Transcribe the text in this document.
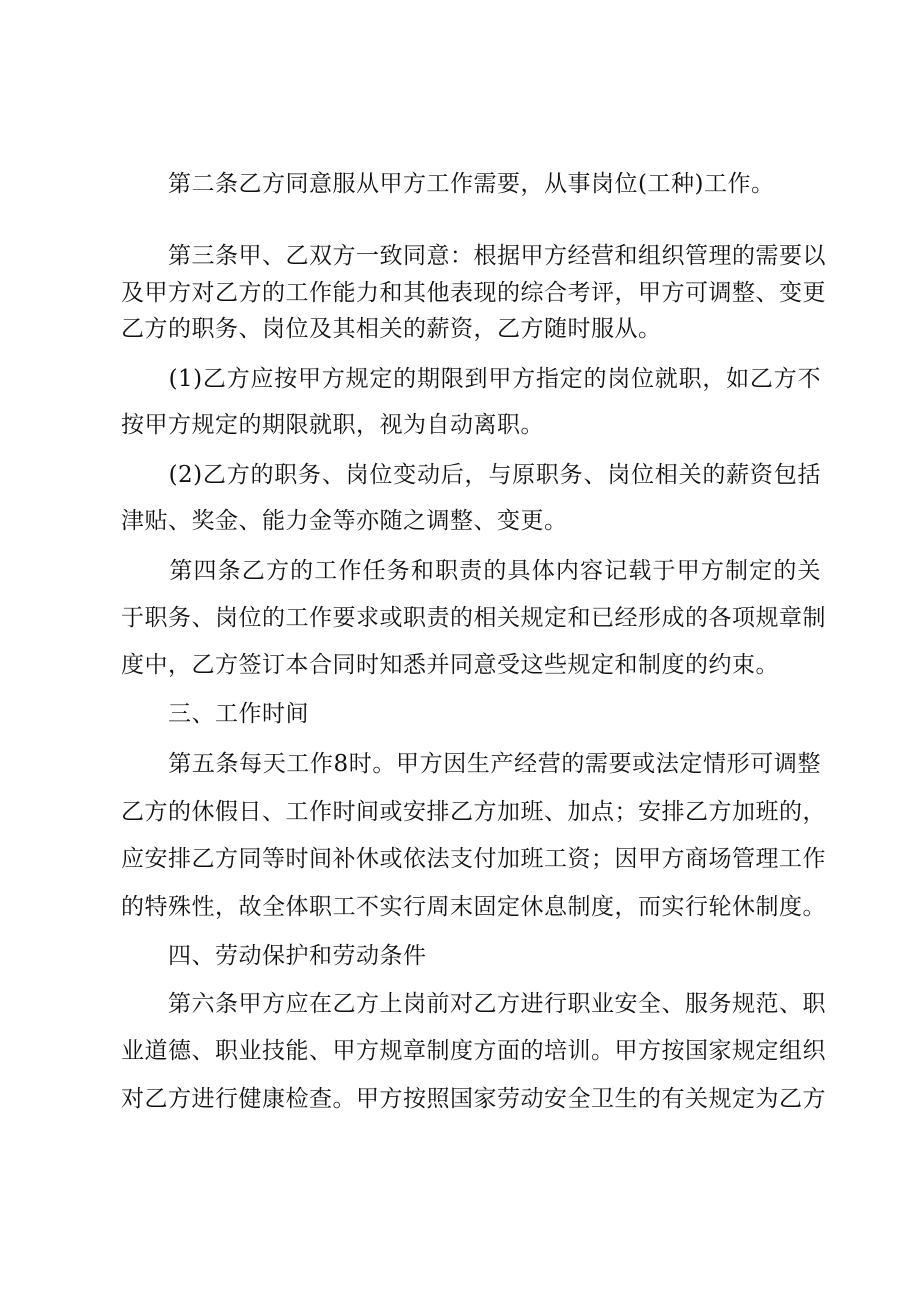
　　第二条乙方同意服从甲方工作需要，从事岗位(工种)工作。
　　第三条甲、乙双方一致同意：根据甲方经营和组织管理的需要以
及甲方对乙方的工作能力和其他表现的综合考评，甲方可调整、变更
乙方的职务、岗位及其相关的薪资，乙方随时服从。
　　(1)乙方应按甲方规定的期限到甲方指定的岗位就职，如乙方不
按甲方规定的期限就职，视为自动离职。
　　(2)乙方的职务、岗位变动后，与原职务、岗位相关的薪资包括
津贴、奖金、能力金等亦随之调整、变更。
　　第四条乙方的工作任务和职责的具体内容记载于甲方制定的关
于职务、岗位的工作要求或职责的相关规定和已经形成的各项规章制
度中，乙方签订本合同时知悉并同意受这些规定和制度的约束。
　　三、工作时间
　　第五条每天工作8时。甲方因生产经营的需要或法定情形可调整
乙方的休假日、工作时间或安排乙方加班、加点；安排乙方加班的，
应安排乙方同等时间补休或依法支付加班工资；因甲方商场管理工作
的特殊性，故全体职工不实行周末固定休息制度，而实行轮休制度。
　　四、劳动保护和劳动条件
　　第六条甲方应在乙方上岗前对乙方进行职业安全、服务规范、职
业道德、职业技能、甲方规章制度方面的培训。甲方按国家规定组织
对乙方进行健康检查。甲方按照国家劳动安全卫生的有关规定为乙方
